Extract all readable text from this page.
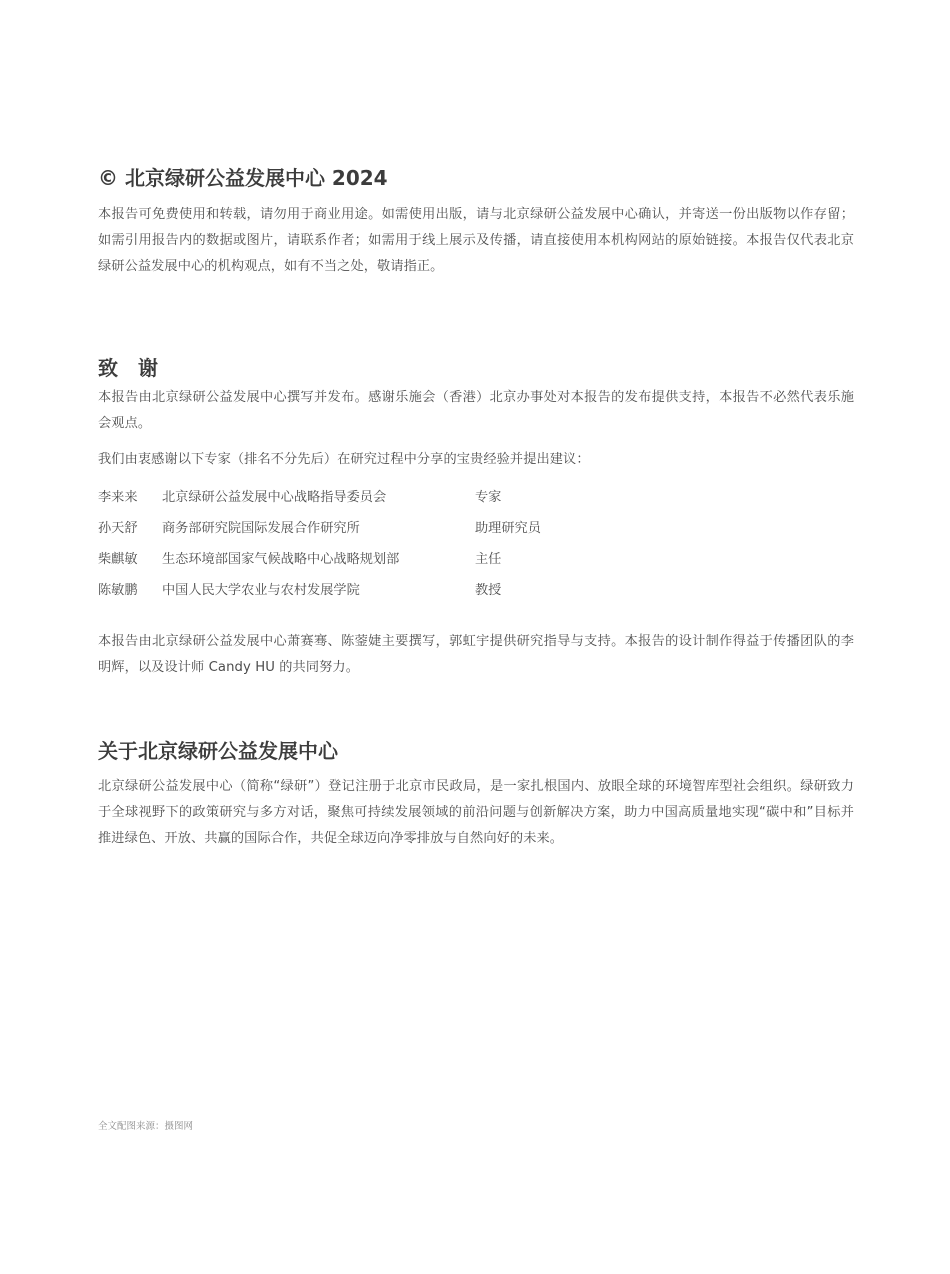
© 北京绿研公益发展中心 2024
本报告可免费使用和转载，请勿用于商业用途。如需使用出版，请与北京绿研公益发展中心确认，并寄送一份出版物以作存留；如需引用报告内的数据或图片，请联系作者；如需用于线上展示及传播，请直接使用本机构网站的原始链接。本报告仅代表北京绿研公益发展中心的机构观点，如有不当之处，敬请指正。
致　谢
本报告由北京绿研公益发展中心撰写并发布。感谢乐施会（香港）北京办事处对本报告的发布提供支持，本报告不必然代表乐施会观点。
我们由衷感谢以下专家（排名不分先后）在研究过程中分享的宝贵经验并提出建议：
李来来 北京绿研公益发展中心战略指导委员会	专家
孙天舒 商务部研究院国际发展合作研究所	助理研究员
柴麒敏 生态环境部国家气候战略中心战略规划部	主任
陈敏鹏 中国人民大学农业与农村发展学院	教授
本报告由北京绿研公益发展中心萧赛骞、陈蓥婕主要撰写，郭虹宇提供研究指导与支持。本报告的设计制作得益于传播团队的李明辉，以及设计师 Candy HU 的共同努力。
关于北京绿研公益发展中心
北京绿研公益发展中心（简称“绿研”）登记注册于北京市民政局，是一家扎根国内、放眼全球的环境智库型社会组织。绿研致力于全球视野下的政策研究与多方对话，聚焦可持续发展领域的前沿问题与创新解决方案，助力中国高质量地实现“碳中和”目标并推进绿色、开放、共赢的国际合作，共促全球迈向净零排放与自然向好的未来。
全文配图来源：摄图网
